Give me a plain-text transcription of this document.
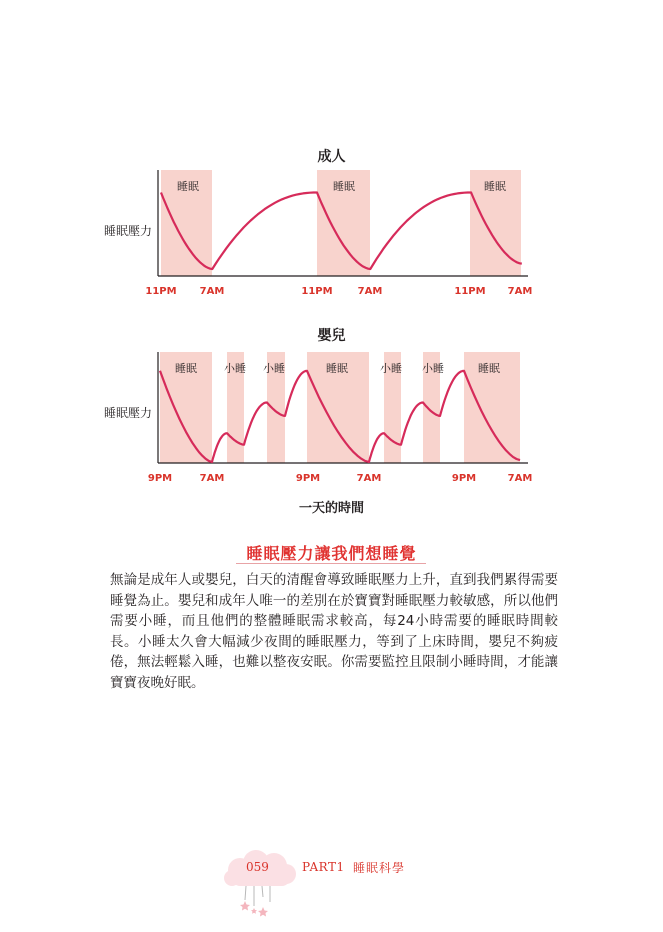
成人
睡眠壓力
睡眠	睡眠	睡眠
11PM 7AM	11PM	7AM	11PM 7AM
嬰兒
睡眠壓力
睡眠 小睡 小睡	睡眠	小睡 小睡	睡眠
9PM	7AM	9PM	7AM	9PM	7AM
一天的時間
睡眠壓力讓我們想睡覺
無論是成年人或嬰兒，白天的清醒會導致睡眠壓力上升，直到我們累得需要睡覺為止。嬰兒和成年人唯一的差別在於寶寶對睡眠壓力較敏感，所以他們需要小睡，而且他們的整體睡眠需求較高，每24小時需要的睡眠時間較長。小睡太久會大幅減少夜間的睡眠壓力，等到了上床時間，嬰兒不夠疲倦，無法輕鬆入睡，也難以整夜安眠。你需要監控且限制小睡時間，才能讓寶寶夜晚好眠。
059	PART1 睡眠科學
